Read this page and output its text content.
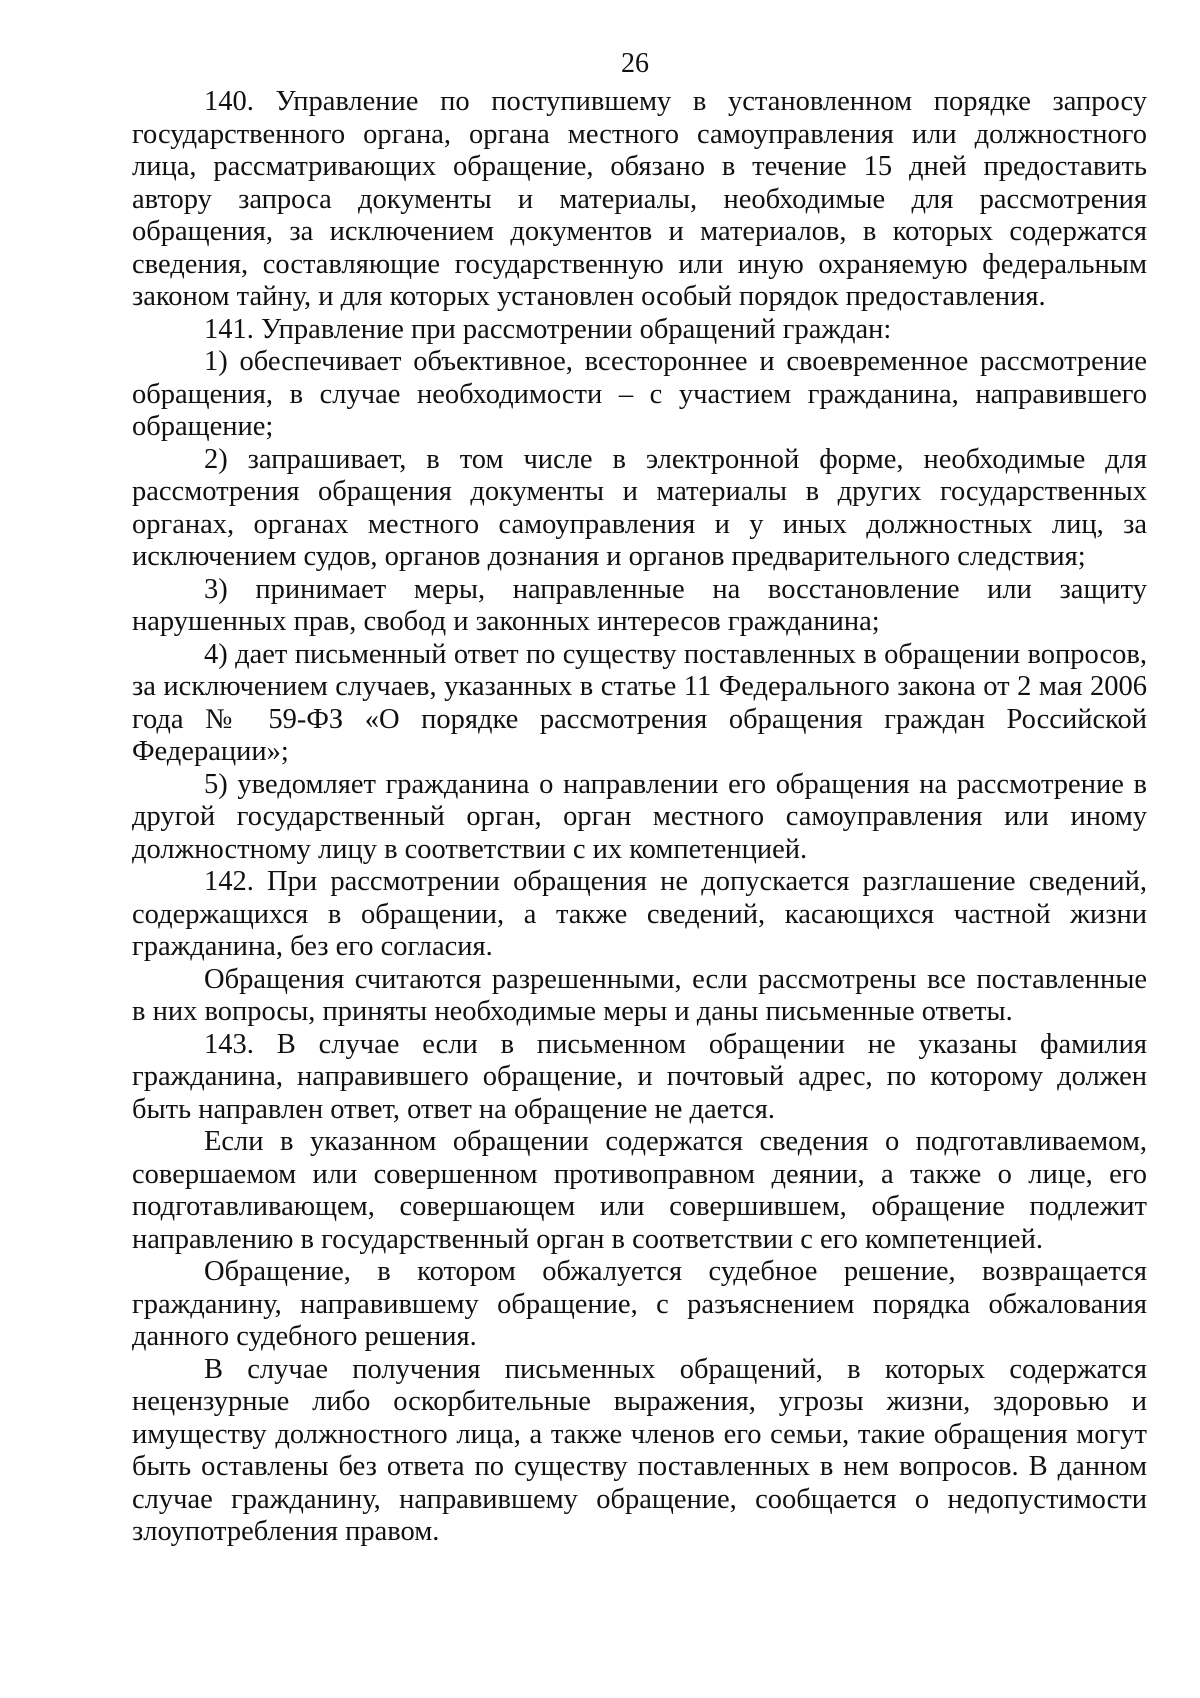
26

140. Управление по поступившему в установленном порядке запросу государственного органа, органа местного самоуправления или должностного лица, рассматривающих обращение, обязано в течение 15 дней предоставить автору запроса документы и материалы, необходимые для рассмотрения обращения, за исключением документов и материалов, в которых содержатся сведения, составляющие государственную или иную охраняемую федеральным законом тайну, и для которых установлен особый порядок предоставления.

141. Управление при рассмотрении обращений граждан:

1) обеспечивает объективное, всестороннее и своевременное рассмотрение обращения, в случае необходимости – с участием гражданина, направившего обращение;

2) запрашивает, в том числе в электронной форме, необходимые для рассмотрения обращения документы и материалы в других государственных органах, органах местного самоуправления и у иных должностных лиц, за исключением судов, органов дознания и органов предварительного следствия;

3) принимает меры, направленные на восстановление или защиту нарушенных прав, свобод и законных интересов гражданина;

4) дает письменный ответ по существу поставленных в обращении вопросов, за исключением случаев, указанных в статье 11 Федерального закона от 2 мая 2006 года № 59-ФЗ «О порядке рассмотрения обращения граждан Российской Федерации»;

5) уведомляет гражданина о направлении его обращения на рассмотрение в другой государственный орган, орган местного самоуправления или иному должностному лицу в соответствии с их компетенцией.

142. При рассмотрении обращения не допускается разглашение сведений, содержащихся в обращении, а также сведений, касающихся частной жизни гражданина, без его согласия.

Обращения считаются разрешенными, если рассмотрены все поставленные в них вопросы, приняты необходимые меры и даны письменные ответы.

143. В случае если в письменном обращении не указаны фамилия гражданина, направившего обращение, и почтовый адрес, по которому должен быть направлен ответ, ответ на обращение не дается.

Если в указанном обращении содержатся сведения о подготавливаемом, совершаемом или совершенном противоправном деянии, а также о лице, его подготавливающем, совершающем или совершившем, обращение подлежит направлению в государственный орган в соответствии с его компетенцией.

Обращение, в котором обжалуется судебное решение, возвращается гражданину, направившему обращение, с разъяснением порядка обжалования данного судебного решения.

В случае получения письменных обращений, в которых содержатся нецензурные либо оскорбительные выражения, угрозы жизни, здоровью и имуществу должностного лица, а также членов его семьи, такие обращения могут быть оставлены без ответа по существу поставленных в нем вопросов. В данном случае гражданину, направившему обращение, сообщается о недопустимости злоупотребления правом.
